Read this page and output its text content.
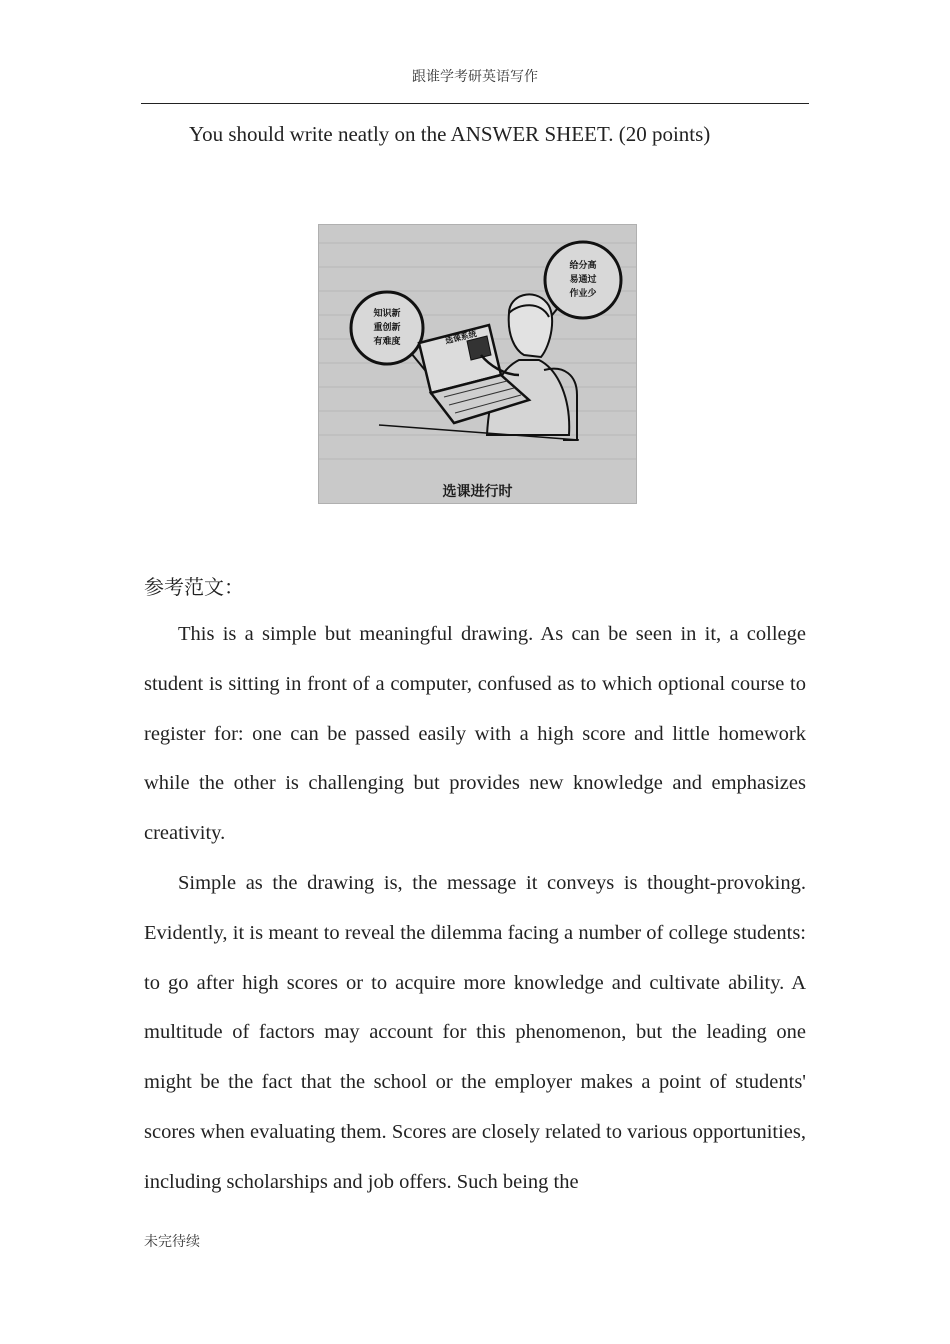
跟谁学考研英语写作
You should write neatly on the ANSWER SHEET. (20 points)
知识新
重创新
有难度
给分高
易通过
作业少
选课系统
选课进行时
参考范文：

This is a simple but meaningful drawing. As can be seen in it, a college student is sitting in front of a computer, confused as to which optional course to register for: one can be passed easily with a high score and little homework while the other is challenging but provides new knowledge and emphasizes creativity.

Simple as the drawing is, the message it conveys is thought-provoking. Evidently, it is meant to reveal the dilemma facing a number of college students: to go after high scores or to acquire more knowledge and cultivate ability. A multitude of factors may account for this phenomenon, but the leading one might be the fact that the school or the employer makes a point of students' scores when evaluating them. Scores are closely related to various opportunities, including scholarships and job offers. Such being the

未完待续
